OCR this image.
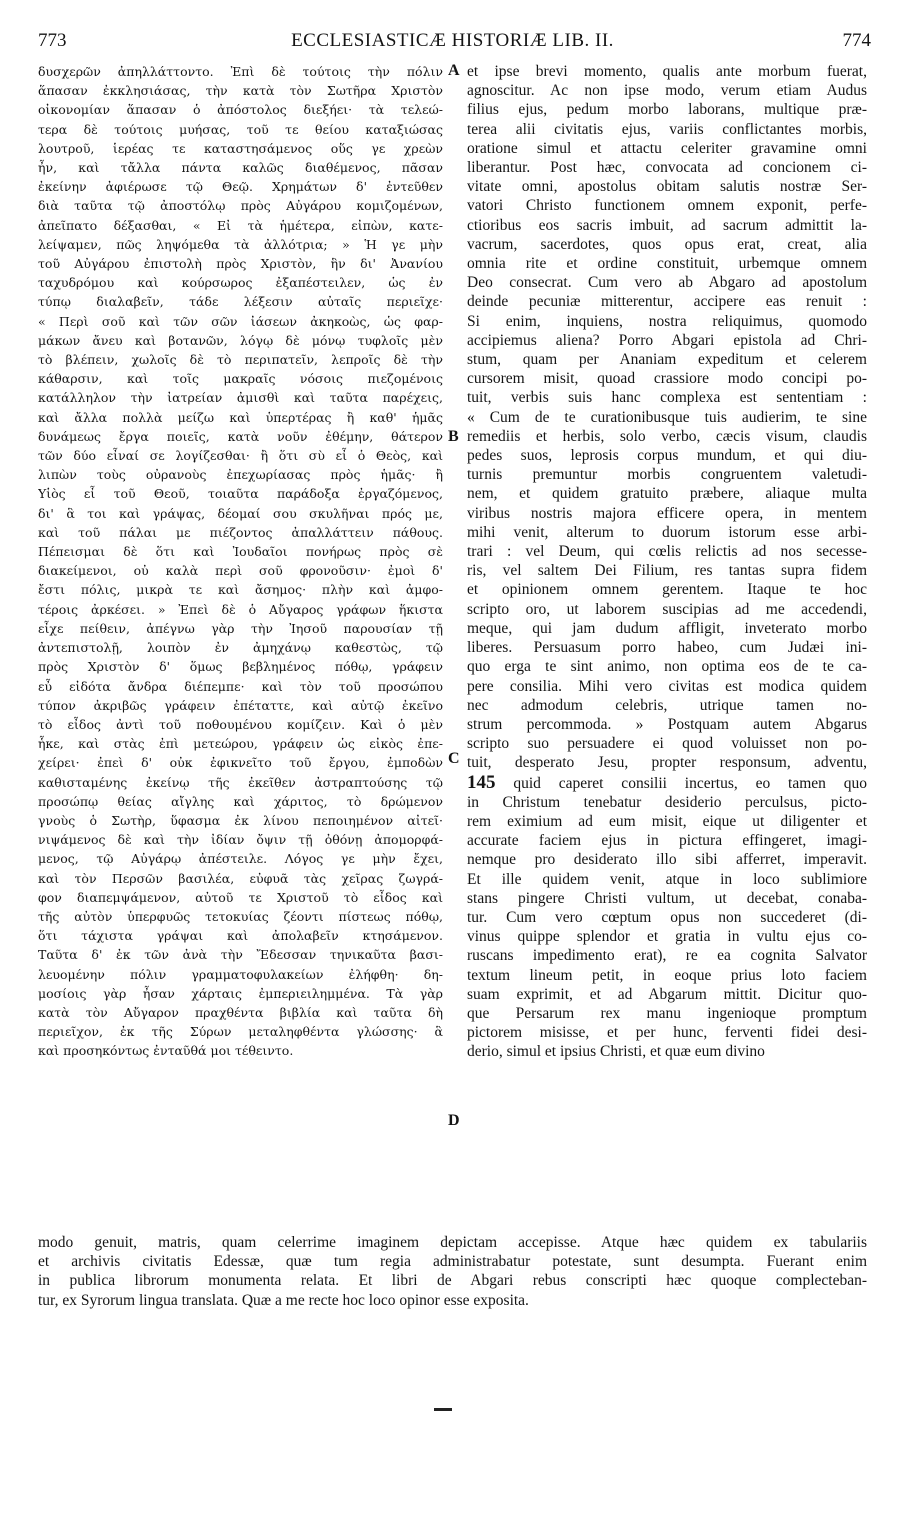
773	ECCLESIASTICÆ HISTORIÆ LIB. II.	774
δυσχερῶν ἀπηλλάττοντο. Ἐπὶ δὲ τούτοις τὴν πόλιν
ἅπασαν ἐκκλησιάσας, τὴν κατὰ τὸν Σωτῆρα Χριστὸν
οἰκονομίαν ἅπασαν ὁ ἀπόστολος διεξήει· τὰ τελεώ-
τερα δὲ τούτοις μυήσας, τοῦ τε θείου καταξιώσας
λουτροῦ, ἱερέας τε καταστησάμενος οὕς γε χρεὼν
ἦν, καὶ τἄλλα πάντα καλῶς διαθέμενος, πᾶσαν
ἐκείνην ἀφιέρωσε τῷ Θεῷ. Χρημάτων δ' ἐντεῦθεν
διὰ ταῦτα τῷ ἀποστόλῳ πρὸς Αὐγάρου κομιζομένων,
ἀπεῖπατο δέξασθαι, « Εἰ τὰ ἡμέτερα, εἰπὼν, κατε-
λείψαμεν, πῶς ληψόμεθα τὰ ἀλλότρια; » Ἡ γε μὴν
τοῦ Αὐγάρου ἐπιστολὴ πρὸς Χριστὸν, ἣν δι' Ἀνανίου
ταχυδρόμου καὶ κούρσωρος ἐξαπέστειλεν, ὡς ἐν
τύπῳ διαλαβεῖν, τάδε λέξεσιν αὐταῖς περιεῖχε·
« Περὶ σοῦ καὶ τῶν σῶν ἰάσεων ἀκηκοὼς, ὡς φαρ-
μάκων ἄνευ καὶ βοτανῶν, λόγῳ δὲ μόνῳ τυφλοῖς μὲν
τὸ βλέπειν, χωλοῖς δὲ τὸ περιπατεῖν, λεπροῖς δὲ τὴν
κάθαρσιν, καὶ τοῖς μακραῖς νόσοις πιεζομένοις
κατάλληλον τὴν ἰατρείαν ἀμισθὶ καὶ ταῦτα παρέχεις,
καὶ ἄλλα πολλὰ μείζω καὶ ὑπερτέρας ἢ καθ' ἡμᾶς
δυνάμεως ἔργα ποιεῖς, κατὰ νοῦν ἐθέμην, θάτερον
τῶν δύο εἶναί σε λογίζεσθαι· ἢ ὅτι σὺ εἶ ὁ Θεὸς, καὶ
λιπὼν τοὺς οὐρανοὺς ἐπεχωρίασας πρὸς ἡμᾶς· ἢ
Υἱὸς εἶ τοῦ Θεοῦ, τοιαῦτα παράδοξα ἐργαζόμενος,
δι' ἃ τοι καὶ γράψας, δέομαί σου σκυλῆναι πρός με,
καὶ τοῦ πάλαι με πιέζοντος ἀπαλλάττειν πάθους.
Πέπεισμαι δὲ ὅτι καὶ Ἰουδαῖοι πονήρως πρὸς σὲ
διακείμενοι, οὐ καλὰ περὶ σοῦ φρονοῦσιν· ἐμοὶ δ'
ἔστι πόλις, μικρὰ τε καὶ ἄσημος· πλὴν καὶ ἀμφο-
τέροις ἀρκέσει. » Ἐπεὶ δὲ ὁ Αὔγαρος γράφων ἥκιστα
εἶχε πείθειν, ἀπέγνω γὰρ τὴν Ἰησοῦ παρουσίαν τῇ
ἀντεπιστολῇ, λοιπὸν ἐν ἀμηχάνῳ καθεστὼς, τῷ
πρὸς Χριστὸν δ' ὅμως βεβλημένος πόθῳ, γράφειν
εὖ εἰδότα ἄνδρα διέπεμπε· καὶ τὸν τοῦ προσώπου
τύπον ἀκριβῶς γράφειν ἐπέταττε, καὶ αὐτῷ ἐκεῖνο
τὸ εἶδος ἀντὶ τοῦ ποθουμένου κομίζειν. Καὶ ὁ μὲν
ἧκε, καὶ στὰς ἐπὶ μετεώρου, γράφειν ὡς εἰκὸς ἐπε-
χείρει· ἐπεὶ δ' οὐκ ἐφικνεῖτο τοῦ ἔργου, ἐμποδὼν
καθισταμένης ἐκείνῳ τῆς ἐκεῖθεν ἀστραπτούσης τῷ
προσώπῳ θείας αἴγλης καὶ χάριτος, τὸ δρώμενον
γνοὺς ὁ Σωτὴρ, ὕφασμα ἐκ λίνου πεποιημένον αἰτεῖ·
νιψάμενος δὲ καὶ τὴν ἰδίαν ὄψιν τῇ ὀθόνῃ ἀπομορφά-
μενος, τῷ Αὐγάρῳ ἀπέστειλε. Λόγος γε μὴν ἔχει,
καὶ τὸν Περσῶν βασιλέα, εὐφυᾶ τὰς χεῖρας ζωγρά-
φον διαπεμψάμενον, αὐτοῦ τε Χριστοῦ τὸ εἶδος καὶ
τῆς αὐτὸν ὑπερφυῶς τετοκυίας ζέοντι πίστεως πόθῳ,
ὅτι τάχιστα γράψαι καὶ ἀπολαβεῖν κτησάμενον.
Ταῦτα δ' ἐκ τῶν ἀνὰ τὴν Ἔδεσσαν τηνικαῦτα βασι-
λευομένην πόλιν γραμματοφυλακείων ἐλήφθη· δη-
μοσίοις γὰρ ἦσαν χάρταις ἐμπεριειλημμένα. Τὰ γὰρ
κατὰ τὸν Αὔγαρον πραχθέντα βιβλία καὶ ταῦτα δὴ
περιεῖχον, ἐκ τῆς Σύρων μεταληφθέντα γλώσσης· ἃ
καὶ προσηκόντως ἐνταῦθά μοι τέθειντο.
et ipse brevi momento, qualis ante morbum fuerat,
agnoscitur. Ac non ipse modo, verum etiam Audus
filius ejus, pedum morbo laborans, multique præ-
terea alii civitatis ejus, variis conflictantes morbis,
oratione simul et attactu celeriter gravamine omni
liberantur. Post hæc, convocata ad concionem ci-
vitate omni, apostolus obitam salutis nostræ Ser-
vatori Christo functionem omnem exponit, perfe-
ctioribus eos sacris imbuit, ad sacrum admittit la-
vacrum, sacerdotes, quos opus erat, creat, alia
omnia rite et ordine constituit, urbemque omnem
Deo consecrat. Cum vero ab Abgaro ad apostolum
deinde pecuniæ mitterentur, accipere eas renuit :
Si enim, inquiens, nostra reliquimus, quomodo
accipiemus aliena? Porro Abgari epistola ad Chri-
stum, quam per Ananiam expeditum et celerem
cursorem misit, quoad crassiore modo concipi po-
tuit, verbis suis hanc complexa est sententiam :
« Cum de te curationibusque tuis audierim, te sine
remediis et herbis, solo verbo, cæcis visum, claudis
pedes suos, leprosis corpus mundum, et qui diu-
turnis premuntur morbis congruentem valetudi-
nem, et quidem gratuito præbere, aliaque multa
viribus nostris majora efficere opera, in mentem
mihi venit, alterum to duorum istorum esse arbi-
trari : vel Deum, qui cœlis relictis ad nos secesse-
ris, vel saltem Dei Filium, res tantas supra fidem
et opinionem omnem gerentem. Itaque te hoc
scripto oro, ut laborem suscipias ad me accedendi,
meque, qui jam dudum affligit, inveterato morbo
liberes. Persuasum porro habeo, cum Judæi ini-
quo erga te sint animo, non optima eos de te ca-
pere consilia. Mihi vero civitas est modica quidem
nec admodum celebris, utrique tamen no-
strum percommoda. » Postquam autem Abgarus
scripto suo persuadere ei quod voluisset non po-
tuit, desperato Jesu, propter responsum, adventu,
145 quid caperet consilii incertus, eo tamen quo
in Christum tenebatur desiderio perculsus, picto-
rem eximium ad eum misit, eique ut diligenter et
accurate faciem ejus in pictura effingeret, imagi-
nemque pro desiderato illo sibi afferret, imperavit.
Et ille quidem venit, atque in loco sublimiore
stans pingere Christi vultum, ut decebat, conaba-
tur. Cum vero cœptum opus non succederet (di-
vinus quippe splendor et gratia in vultu ejus co-
ruscans impedimento erat), re ea cognita Salvator
textum lineum petit, in eoque prius loto faciem
suam exprimit, et ad Abgarum mittit. Dicitur quo-
que Persarum rex manu ingenioque promptum
pictorem misisse, et per hunc, ferventi fidei desi-
derio, simul et ipsius Christi, et quæ eum divino
A
B
C
D
modo genuit, matris, quam celerrime imaginem depictam accepisse. Atque hæc quidem ex tabulariis
et archivis civitatis Edessæ, quæ tum regia administrabatur potestate, sunt desumpta. Fuerant enim
in publica librorum monumenta relata. Et libri de Abgari rebus conscripti hæc quoque complecteban-
tur, ex Syrorum lingua translata. Quæ a me recte hoc loco opinor esse exposita.
